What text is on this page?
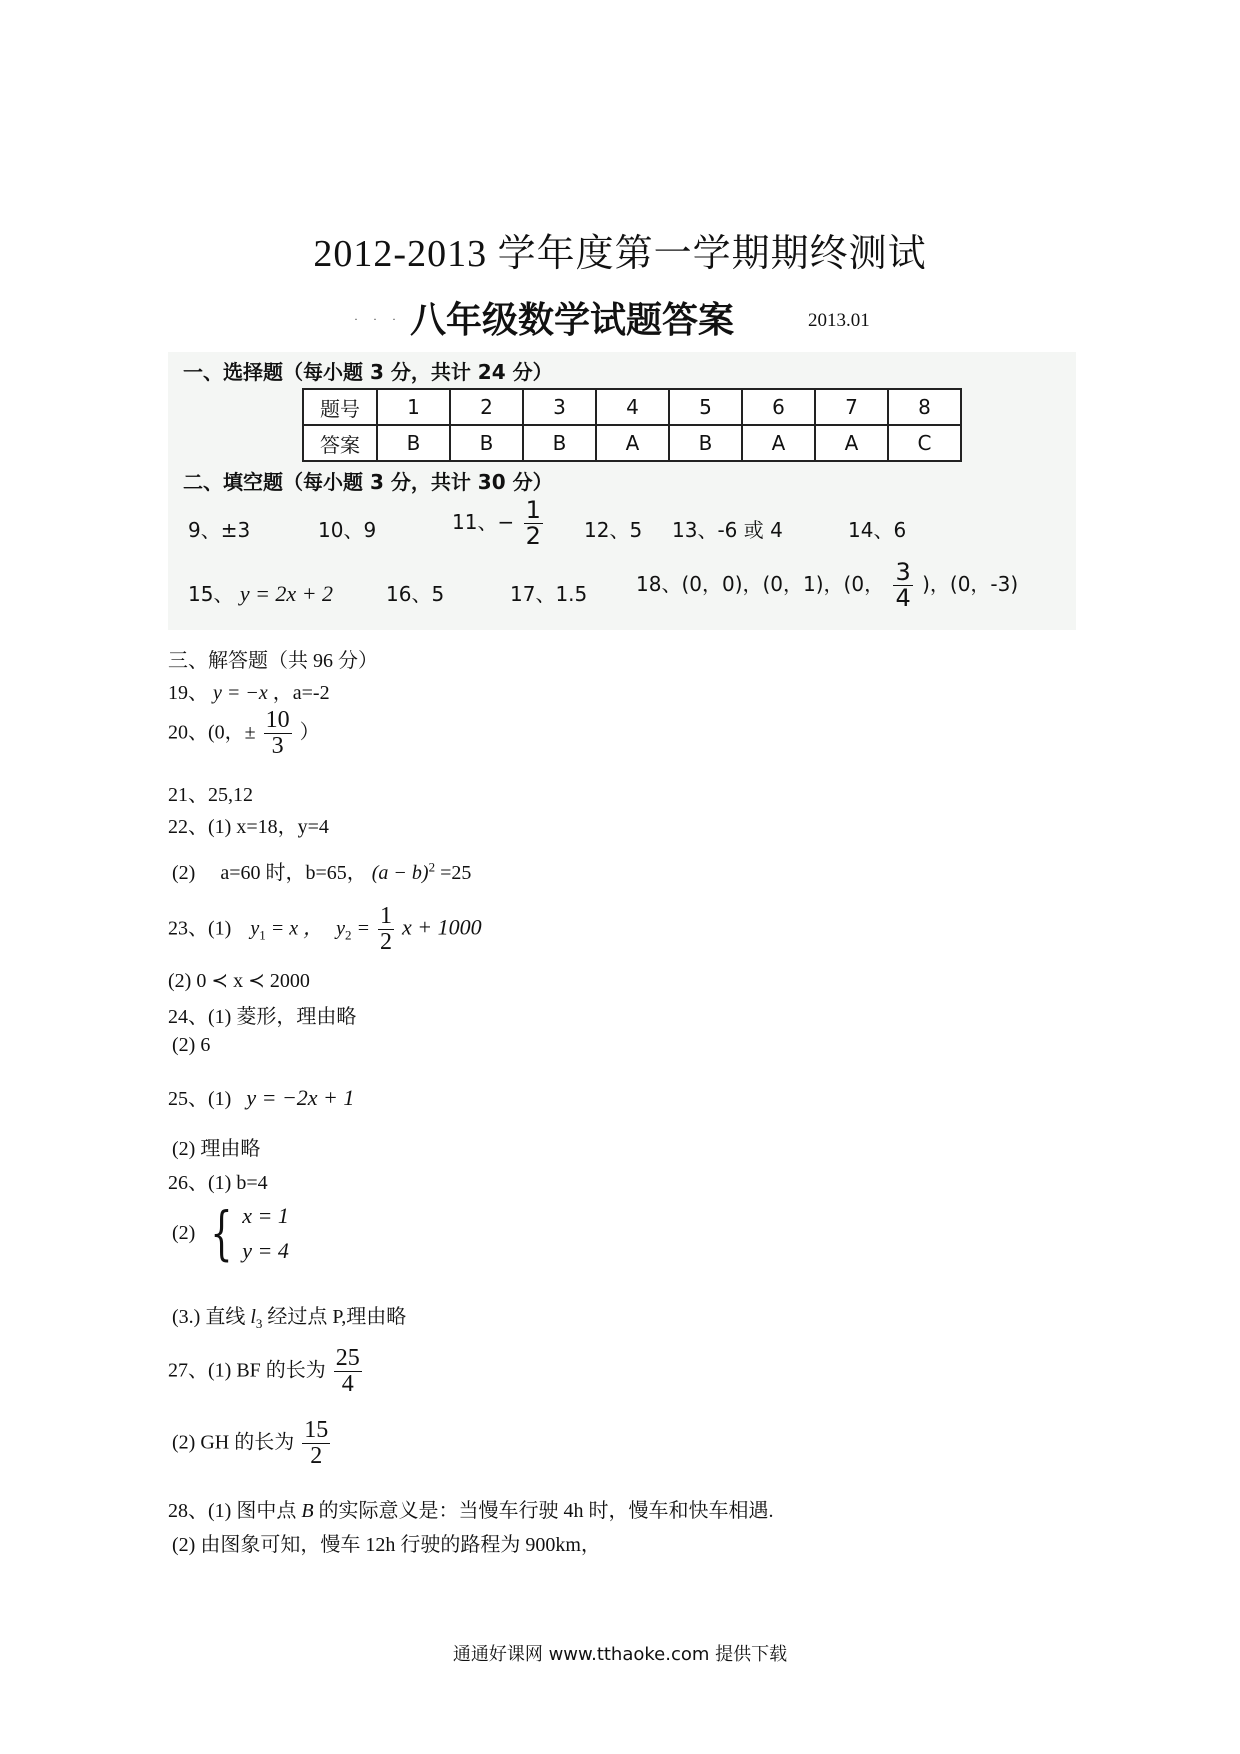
2012-2013 学年度第一学期期终测试
· · · 八年级数学试题答案	2013.01
一、选择题（每小题 3 分，共计 24 分）
题号	1	2	3	4	5	6	7	8
答案	B	B	B	A	B	A	A	C
二、填空题（每小题 3 分，共计 30 分）
9、±3	10、9	11、− $\frac{1}{2} 12$、5 13、-6 或 4	14、6
15、 y = 2x + 2	16、5	17、1.5 18、(0，0)，(0，1)，(0， $\frac{3}{4}$ )，(0，-3)
三、解答题（共 96 分）
19、 y = −x ，a=-2
20、(0，± $\frac{10}{3}$ ）
21、25,12
22、(1) x=18，y=4
(2)　 a=60 时，b=65， $(a - b)^2 =25$
23、(1) $y_1 = x$ ， $y_2 = \frac{1}{2}$ x + 1000
(2) 0 ≺ x ≺ 2000
24、(1) 菱形，理由略
(2) 6
25、(1) y = −2x + 1
(2) 理由略
26、(1) b=4
(2) { x = 1
y = 4
(3.) 直线 $l_3$ 经过点 P,理由略
27、(1) BF 的长为 $\frac{25}{4}$
(2) GH 的长为 $\frac{15}{2}$
28、(1) 图中点 B 的实际意义是：当慢车行驶 4h 时，慢车和快车相遇.
(2) 由图象可知，慢车 12h 行驶的路程为 900km，
通通好课网 www.tthaoke.com 提供下载
